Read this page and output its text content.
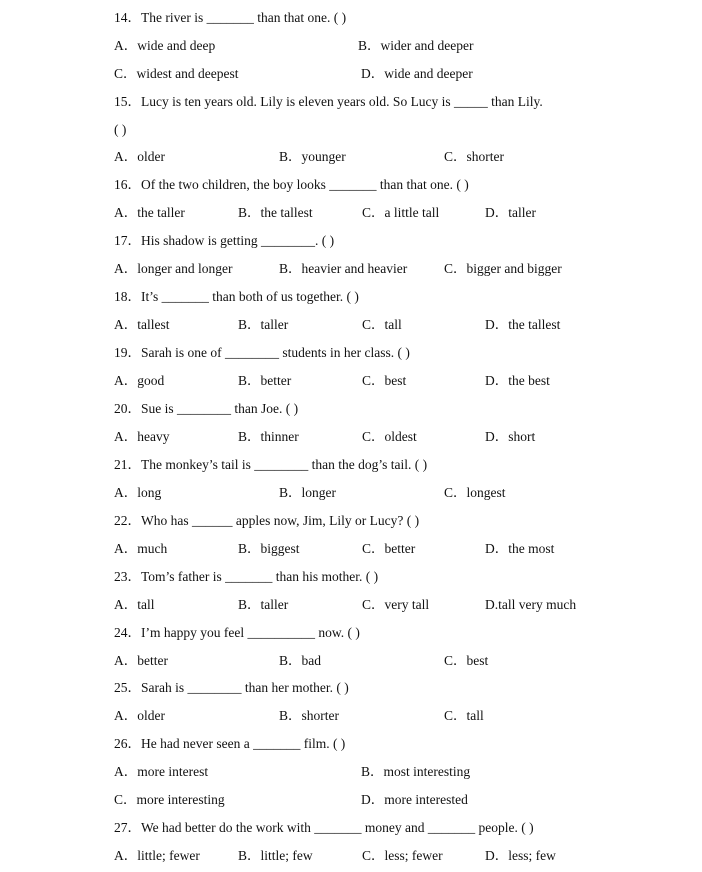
14．The river is _______ than that one. ( )
A．wide and deep	B．wider and deeper
C．widest and deepest	D．wide and deeper
15．Lucy is ten years old. Lily is eleven years old. So Lucy is _____ than Lily.
( )
A．older	B．younger	C．shorter
16．Of the two children, the boy looks _______ than that one. ( )
A．the taller	B．the tallest	C．a little tall	D．taller
17．His shadow is getting ________. ( )
A．longer and longer	B．heavier and heavier	C．bigger and bigger
18．It’s _______ than both of us together. ( )
A．tallest	B．taller	C．tall	D．the tallest
19．Sarah is one of ________ students in her class. ( )
A．good	B．better	C．best	D．the best
20．Sue is ________ than Joe. ( )
A．heavy	B．thinner	C．oldest	D．short
21．The monkey’s tail is ________ than the dog’s tail. ( )
A．long	B．longer	C．longest
22．Who has ______ apples now, Jim, Lily or Lucy? ( )
A．much	B．biggest	C．better	D．the most
23．Tom’s father is _______ than his mother. ( )
A．tall	B．taller	C．very tall	D.tall very much
24．I’m happy you feel __________ now. ( )
A．better	B．bad	C．best
25．Sarah is ________ than her mother. ( )
A．older	B．shorter	C．tall
26．He had never seen a _______ film. ( )
A．more interest	B．most interesting
C．more interesting	D．more interested
27．We had better do the work with _______ money and _______ people. ( )
A．little; fewer	B．little; few	C．less; fewer	D．less; few
